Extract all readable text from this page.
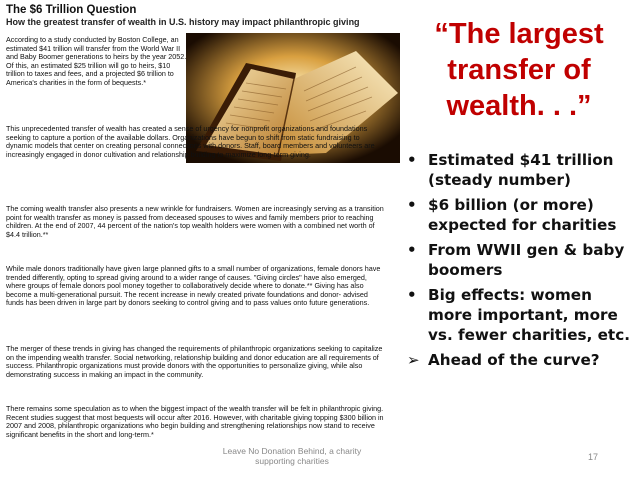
The $6 Trillion Question
How the greatest transfer of wealth in U.S. history may impact philanthropic giving
According to a study conducted by Boston College, an estimated $41 trillion will transfer from the World War II and Baby Boomer generations to heirs by the year 2052. Of this, an estimated $25 trillion will go to heirs, $10 trillion to taxes and fees, and a projected $6 trillion to America's charities in the form of bequests.*
This unprecedented transfer of wealth has created a sense of urgency for nonprofit organizations and foundations seeking to capture a portion of the available dollars. Organizations have begun to shift from static fundraising to dynamic models that center on creating personal connections with donors. Staff, board members and volunteers are increasingly engaged in donor cultivation and relationship building to maximize long-term giving.
The coming wealth transfer also presents a new wrinkle for fundraisers. Women are increasingly serving as a transition point for wealth transfer as money is passed from deceased spouses to wives and family members prior to reaching children. At the end of 2007, 44 percent of the nation's top wealth holders were women with a combined net worth of $4.4 trillion.**
While male donors traditionally have given large planned gifts to a small number of organizations, female donors have trended differently, opting to spread giving around to a wider range of causes. "Giving circles" have also emerged, where groups of female donors pool money together to collaboratively decide where to donate.** Giving has also become a multi-generational pursuit. The recent increase in newly created private foundations and donor- advised funds has been driven in large part by donors seeking to control giving and to pass values onto future generations.
The merger of these trends in giving has changed the requirements of philanthropic organizations seeking to capitalize on the impending wealth transfer. Social networking, relationship building and donor education are all requirements of success. Philanthropic organizations must provide donors with the opportunities to personalize giving, while also demonstrating success in making an impact in the community.
There remains some speculation as to when the biggest impact of the wealth transfer will be felt in philanthropic giving. Recent studies suggest that most bequests will occur after 2016. However, with charitable giving topping $300 billion in 2007 and 2008, philanthropic organizations who begin building and strengthening relationships now stand to receive significant benefits in the short and long-term.*
“The largest transfer of wealth. . .”
• Estimated $41 trillion (steady number)
• $6 billion (or more) expected for charities
• From WWII gen & baby boomers
• Big effects: women more important, more vs. fewer charities, etc.
➢ Ahead of the curve?
Leave No Donation Behind, a charity supporting charities	17
